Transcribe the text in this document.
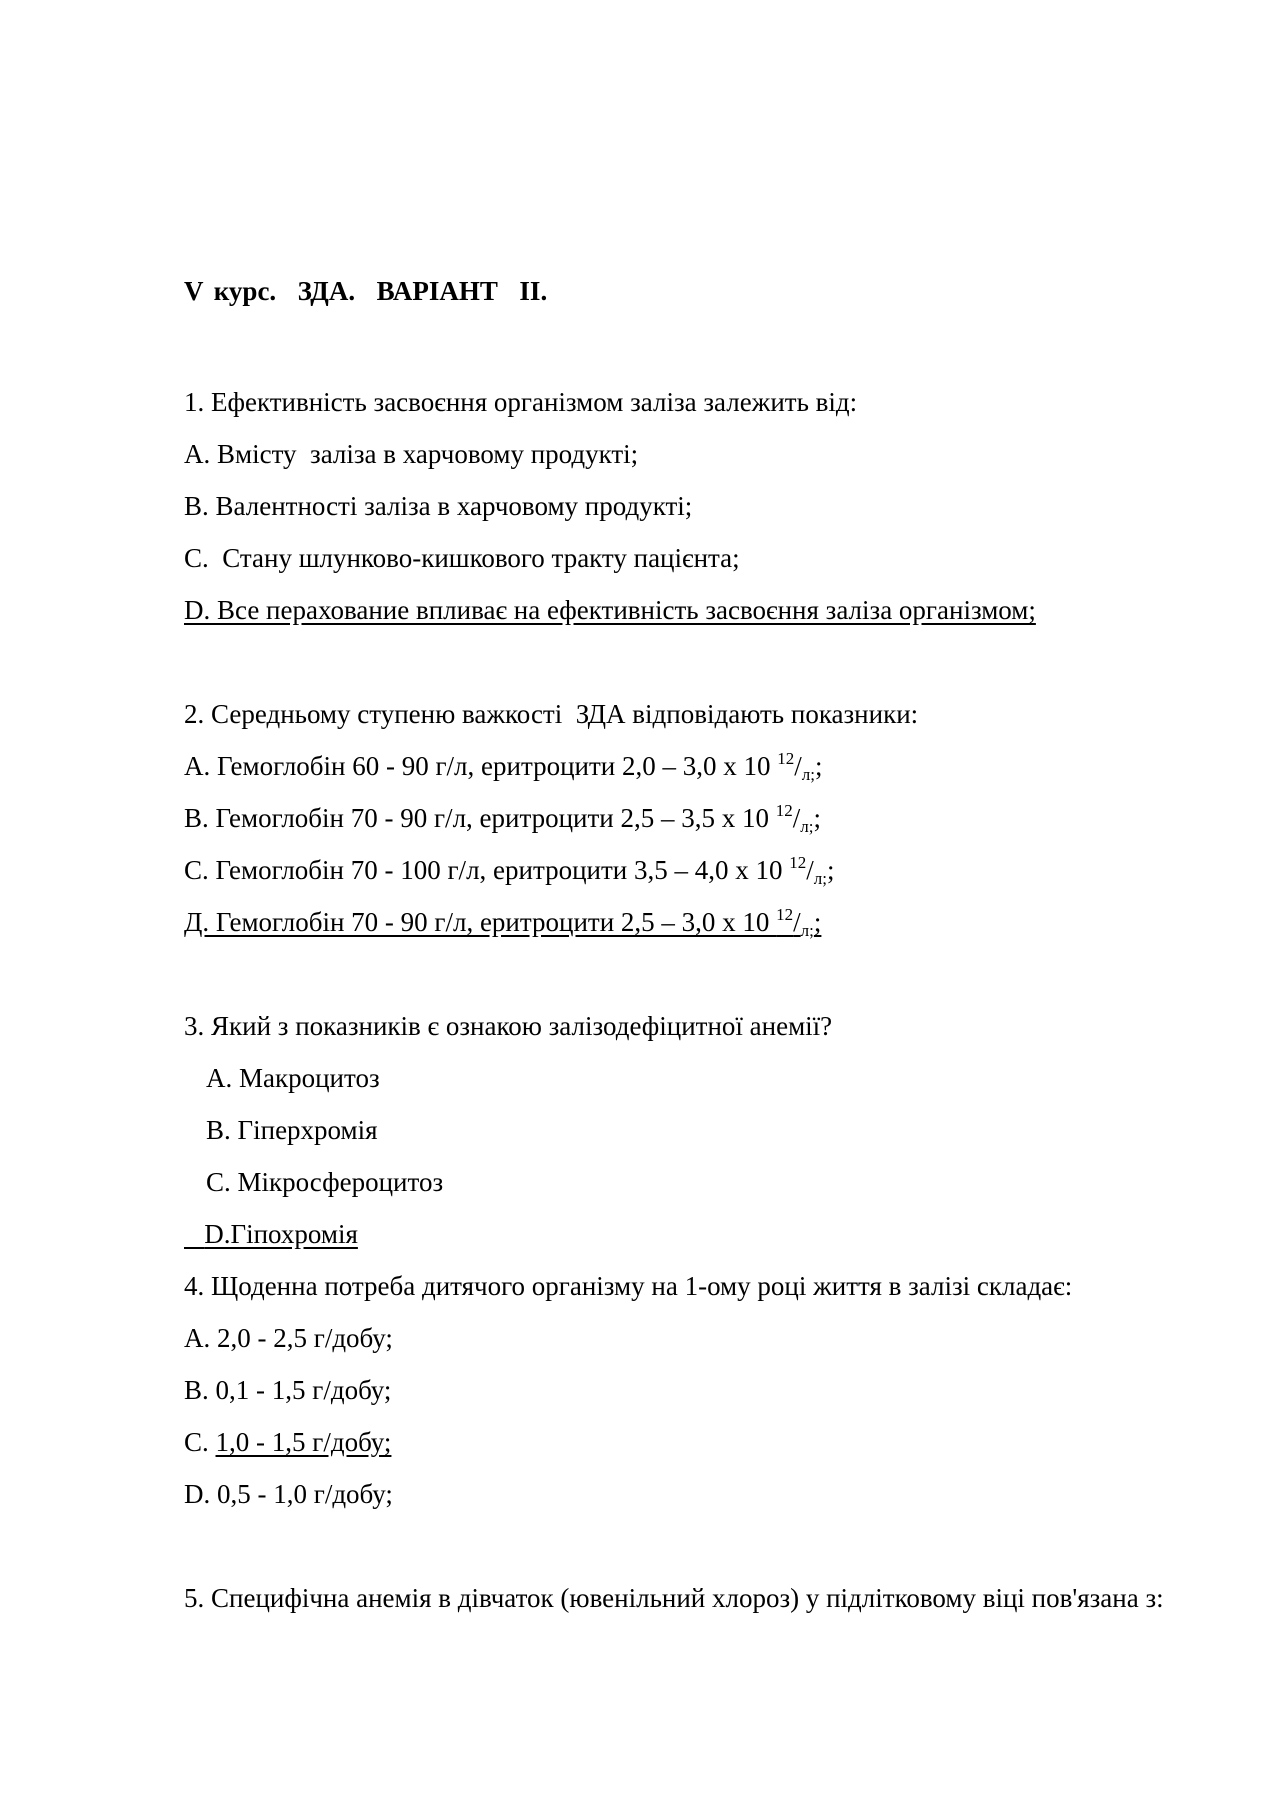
V курс.  ЗДА.  ВАРІАНТ  ІІ.
1. Ефективність засвоєння організмом заліза залежить від:
А. Вмісту  заліза в харчовому продукті;
В. Валентності заліза в харчовому продукті;
С.  Стану шлунково-кишкового тракту пацієнта;
D. Все перахование впливає на ефективність засвоєння заліза організмом;
2. Середньому ступеню важкості  ЗДА відповідають показники:
А. Гемоглобін 60 - 90 г/л, еритроцити 2,0 – 3,0 х 10 $^{12}/_{л;}$;
В. Гемоглобін 70 - 90 г/л, еритроцити 2,5 – 3,5 х 10 $^{12}/_{л;}$;
С. Гемоглобін 70 - 100 г/л, еритроцити 3,5 – 4,0 х 10 $^{12}/_{л;}$;
Д. Гемоглобін 70 - 90 г/л, еритроцити 2,5 – 3,0 х 10 $^{12}/_{л;}$;
3. Який з показників є ознакою залізодефіцитної анемії?
А. Макроцитоз
В. Гіперхромія
С. Мікросфероцитоз
D.Гіпохромія
4. Щоденна потреба дитячого організму на 1-ому році життя в залізі складає:
A. 2,0 - 2,5 г/добу;
B. 0,1 - 1,5 г/добу;
C. 1,0 - 1,5 г/добу;
D. 0,5 - 1,0 г/добу;
5. Специфічна анемія в дівчаток (ювенільний хлороз) у підлітковому віці пов'язана з:
